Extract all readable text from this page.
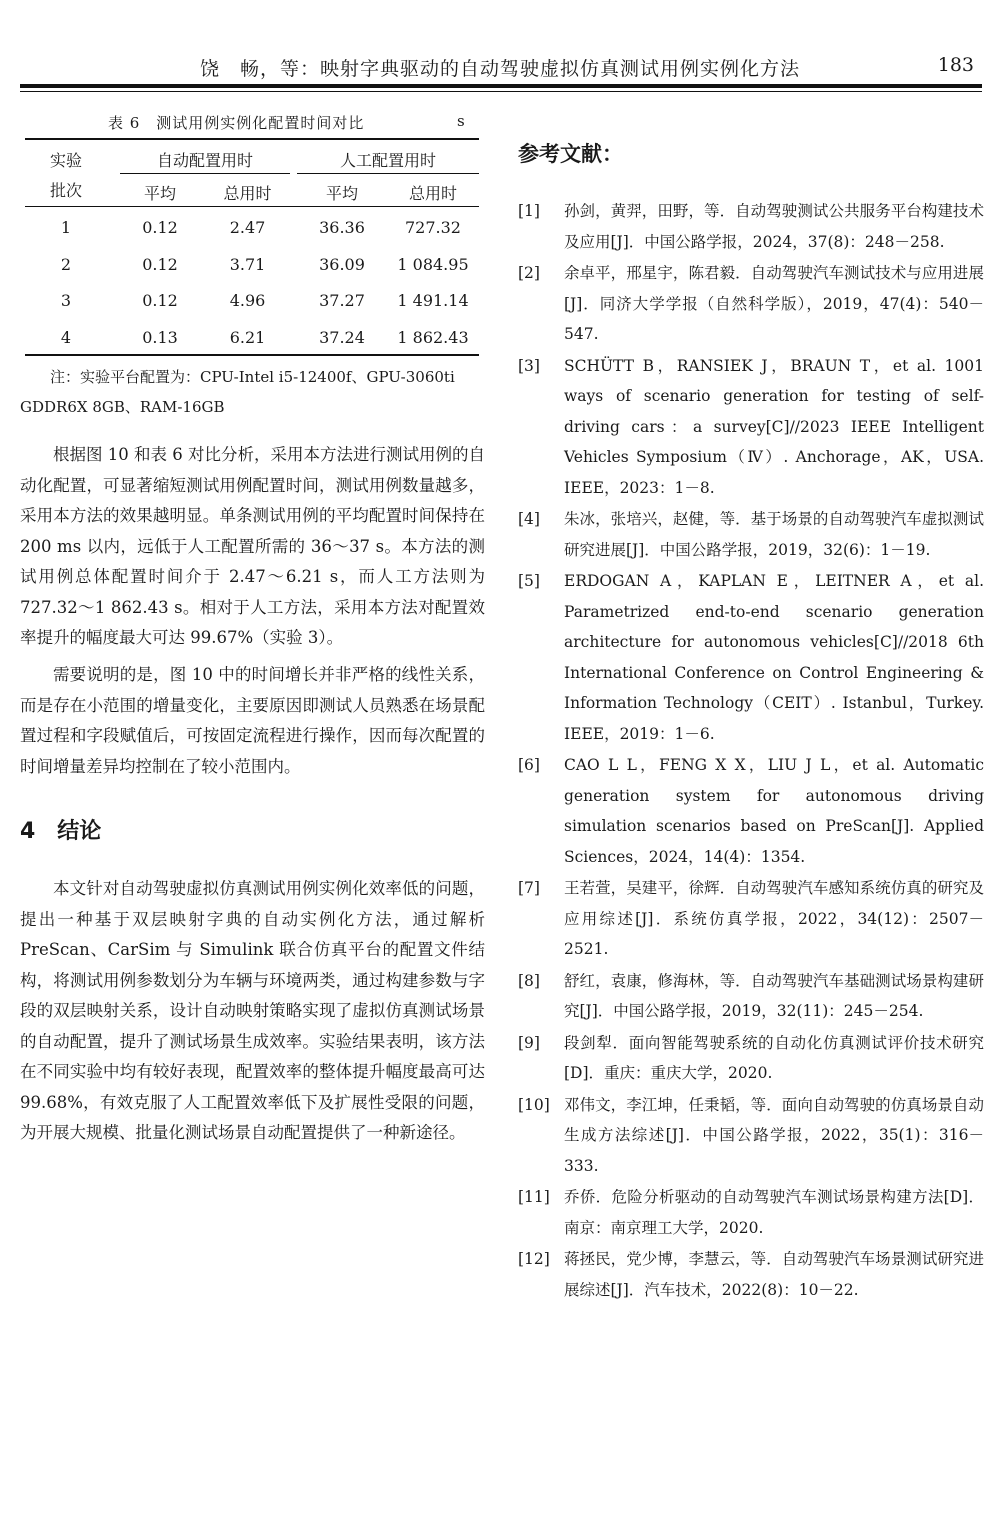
饶　畅，等：映射字典驱动的自动驾驶虚拟仿真测试用例实例化方法	183
表 6　测试用例实例化配置时间对比	s
实验
批次
自动配置用时	人工配置用时
平均	总用时	平均	总用时
1	0.12	2.47	36.36	727.32
2	0.12	3.71	36.09	1 084.95
3	0.12	4.96	37.27	1 491.14
4	0.13	6.21	37.24	1 862.43
注：实验平台配置为：CPU-Intel i5-12400f、GPU-3060ti GDDR6X 8GB、RAM-16GB
根据图 10 和表 6 对比分析，采用本方法进行测试用例的自动化配置，可显著缩短测试用例配置时间，测试用例数量越多，采用本方法的效果越明显。单条测试用例的平均配置时间保持在 200 ms 以内，远低于人工配置所需的 36～37 s。本方法的测试用例总体配置时间介于 2.47～6.21 s，而人工方法则为 727.32～1 862.43 s。相对于人工方法，采用本方法对配置效率提升的幅度最大可达 99.67%（实验 3）。
需要说明的是，图 10 中的时间增长并非严格的线性关系，而是存在小范围的增量变化，主要原因即测试人员熟悉在场景配置过程和字段赋值后，可按固定流程进行操作，因而每次配置的时间增量差异均控制在了较小范围内。
4　结论
本文针对自动驾驶虚拟仿真测试用例实例化效率低的问题，提出一种基于双层映射字典的自动实例化方法，通过解析 PreScan、CarSim 与 Simulink 联合仿真平台的配置文件结构，将测试用例参数划分为车辆与环境两类，通过构建参数与字段的双层映射关系，设计自动映射策略实现了虚拟仿真测试场景的自动配置，提升了测试场景生成效率。实验结果表明，该方法在不同实验中均有较好表现，配置效率的整体提升幅度最高可达 99.68%，有效克服了人工配置效率低下及扩展性受限的问题，为开展大规模、批量化测试场景自动配置提供了一种新途径。
参考文献：
[1] 孙剑，黄羿，田野，等．自动驾驶测试公共服务平台构建技术及应用[J]．中国公路学报，2024，37(8)：248－258.
[2] 余卓平，邢星宇，陈君毅．自动驾驶汽车测试技术与应用进展[J]．同济大学学报（自然科学版），2019，47(4)：540－547.
[3] SCHÜTT B，RANSIEK J，BRAUN T，et al. 1001 ways of scenario generation for testing of self-driving cars：a survey[C]//2023 IEEE Intelligent Vehicles Symposium（Ⅳ）. Anchorage，AK，USA. IEEE，2023：1－8.
[4] 朱冰，张培兴，赵健，等．基于场景的自动驾驶汽车虚拟测试研究进展[J]．中国公路学报，2019，32(6)：1－19.
[5] ERDOGAN A，KAPLAN E，LEITNER A，et al. Parametrized end-to-end scenario generation architecture for autonomous vehicles[C]//2018 6th International Conference on Control Engineering & Information Technology（CEIT）. Istanbul，Turkey. IEEE，2019：1－6.
[6] CAO L L，FENG X X，LIU J L，et al. Automatic generation system for autonomous driving simulation scenarios based on PreScan[J]. Applied Sciences，2024，14(4)：1354.
[7] 王若萱，吴建平，徐辉．自动驾驶汽车感知系统仿真的研究及应用综述[J]．系统仿真学报，2022，34(12)：2507－2521.
[8] 舒红，袁康，修海林，等．自动驾驶汽车基础测试场景构建研究[J]．中国公路学报，2019，32(11)：245－254.
[9] 段剑犁．面向智能驾驶系统的自动化仿真测试评价技术研究[D]．重庆：重庆大学，2020.
[10] 邓伟文，李江坤，任秉韬，等．面向自动驾驶的仿真场景自动生成方法综述[J]．中国公路学报，2022，35(1)：316－333.
[11] 乔侨．危险分析驱动的自动驾驶汽车测试场景构建方法[D]．南京：南京理工大学，2020.
[12] 蒋拯民，党少博，李慧云，等．自动驾驶汽车场景测试研究进展综述[J]．汽车技术，2022(8)：10－22.
